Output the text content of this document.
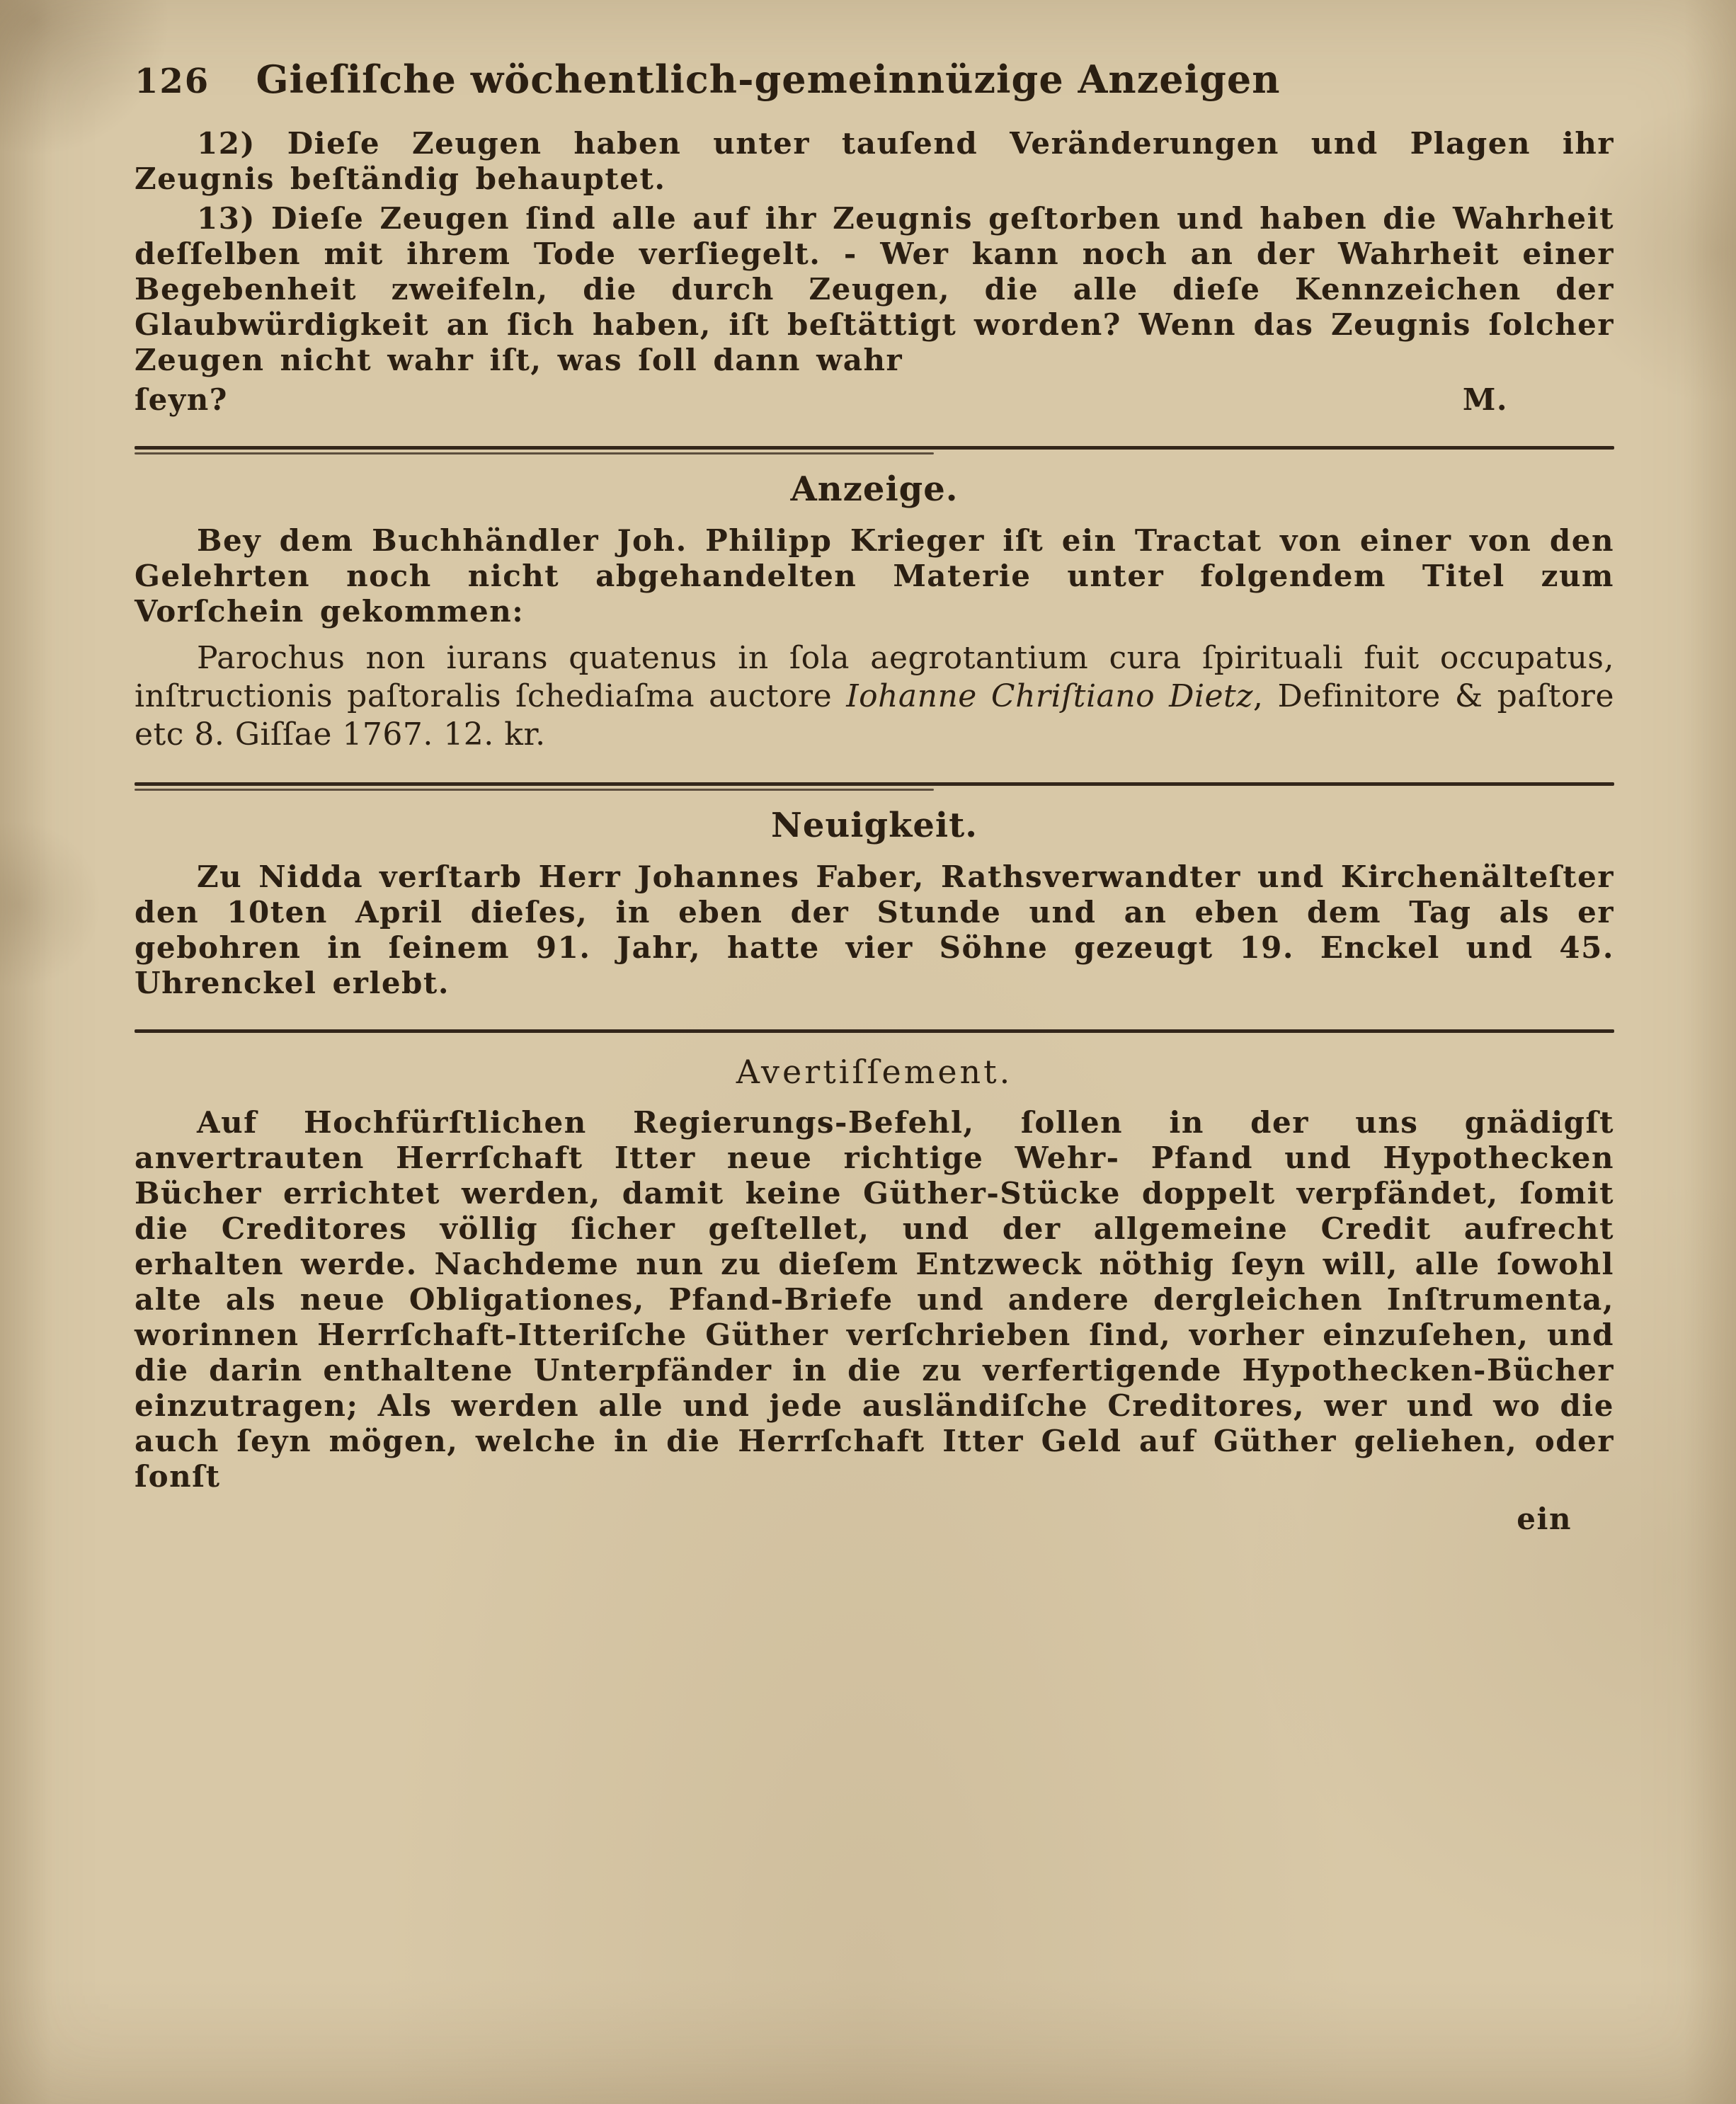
126	Gieſiſche wöchentlich-gemeinnüzige Anzeigen

12) Dieſe Zeugen haben unter tauſend Veränderungen und Plagen ihr Zeugnis beſtändig behauptet.

13) Dieſe Zeugen ſind alle auf ihr Zeugnis geſtorben und haben die Wahrheit deſſelben mit ihrem Tode verſiegelt. - Wer kann noch an der Wahrheit einer Begebenheit zweifeln, die durch Zeugen, die alle dieſe Kennzeichen der Glaubwürdigkeit an ſich haben, iſt beſtättigt worden? Wenn das Zeugnis ſolcher Zeugen nicht wahr iſt, was ſoll dann wahr

ſeyn?	M.
Anzeige.

Bey dem Buchhändler Joh. Philipp Krieger iſt ein Tractat von einer von den Gelehrten noch nicht abgehandelten Materie unter folgendem Titel zum Vorſchein gekommen:

Parochus non iurans quatenus in ſola aegrotantium cura ſpirituali fuit occupatus, inſtructionis paſtoralis ſchediaſma auctore Iohanne Chriſtiano Dietz, Definitore & paſtore etc 8. Giſſae 1767. 12. kr.

Neuigkeit.

Zu Nidda verſtarb Herr Johannes Faber, Rathsverwandter und Kirchenälteſter den 10ten April dieſes, in eben der Stunde und an eben dem Tag als er gebohren in ſeinem 91. Jahr, hatte vier Söhne gezeugt 19. Enckel und 45. Uhrenckel erlebt.

Avertiſſement.

Auf Hochfürſtlichen Regierungs-Befehl, ſollen in der uns gnädigſt anvertrauten Herrſchaft Itter neue richtige Wehr- Pfand und Hypothecken Bücher errichtet werden, damit keine Güther-Stücke doppelt verpfändet, ſomit die Creditores völlig ſicher geſtellet, und der allgemeine Credit aufrecht erhalten werde. Nachdeme nun zu dieſem Entzweck nöthig ſeyn will, alle ſowohl alte als neue Obligationes, Pfand-Briefe und andere dergleichen Inſtrumenta, worinnen Herrſchaft-Itteriſche Güther verſchrieben ſind, vorher einzuſehen, und die darin enthaltene Unterpfänder in die zu verfertigende Hypothecken-Bücher einzutragen; Als werden alle und jede ausländiſche Creditores, wer und wo die auch ſeyn mögen, welche in die Herrſchaft Itter Geld auf Güther geliehen, oder ſonſt

ein
